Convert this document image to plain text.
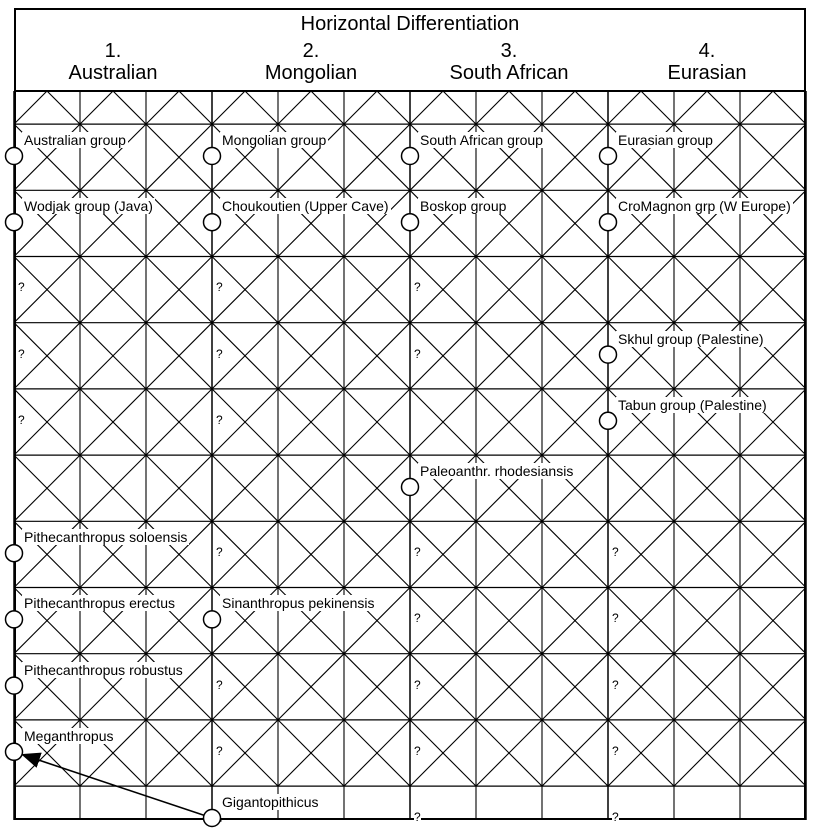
Horizontal Differentiation
1.
Australian
2.
Mongolian
3.
South African
4.
Eurasian
Australian group
Wodjak group (Java)
Pithecanthropus soloensis
Pithecanthropus erectus
Pithecanthropus robustus
Meganthropus
Mongolian group
Choukoutien (Upper Cave)
Sinanthropus pekinensis
Gigantopithicus
South African group
Boskop group
Paleoanthr. rhodesiansis
Eurasian group
CroMagnon grp (W Europe)
Skhul group (Palestine)
Tabun group (Palestine)
?
?
?
?
?
?
?
?
?
?
?
?
?
?
?
?
?
?
?
?
?
